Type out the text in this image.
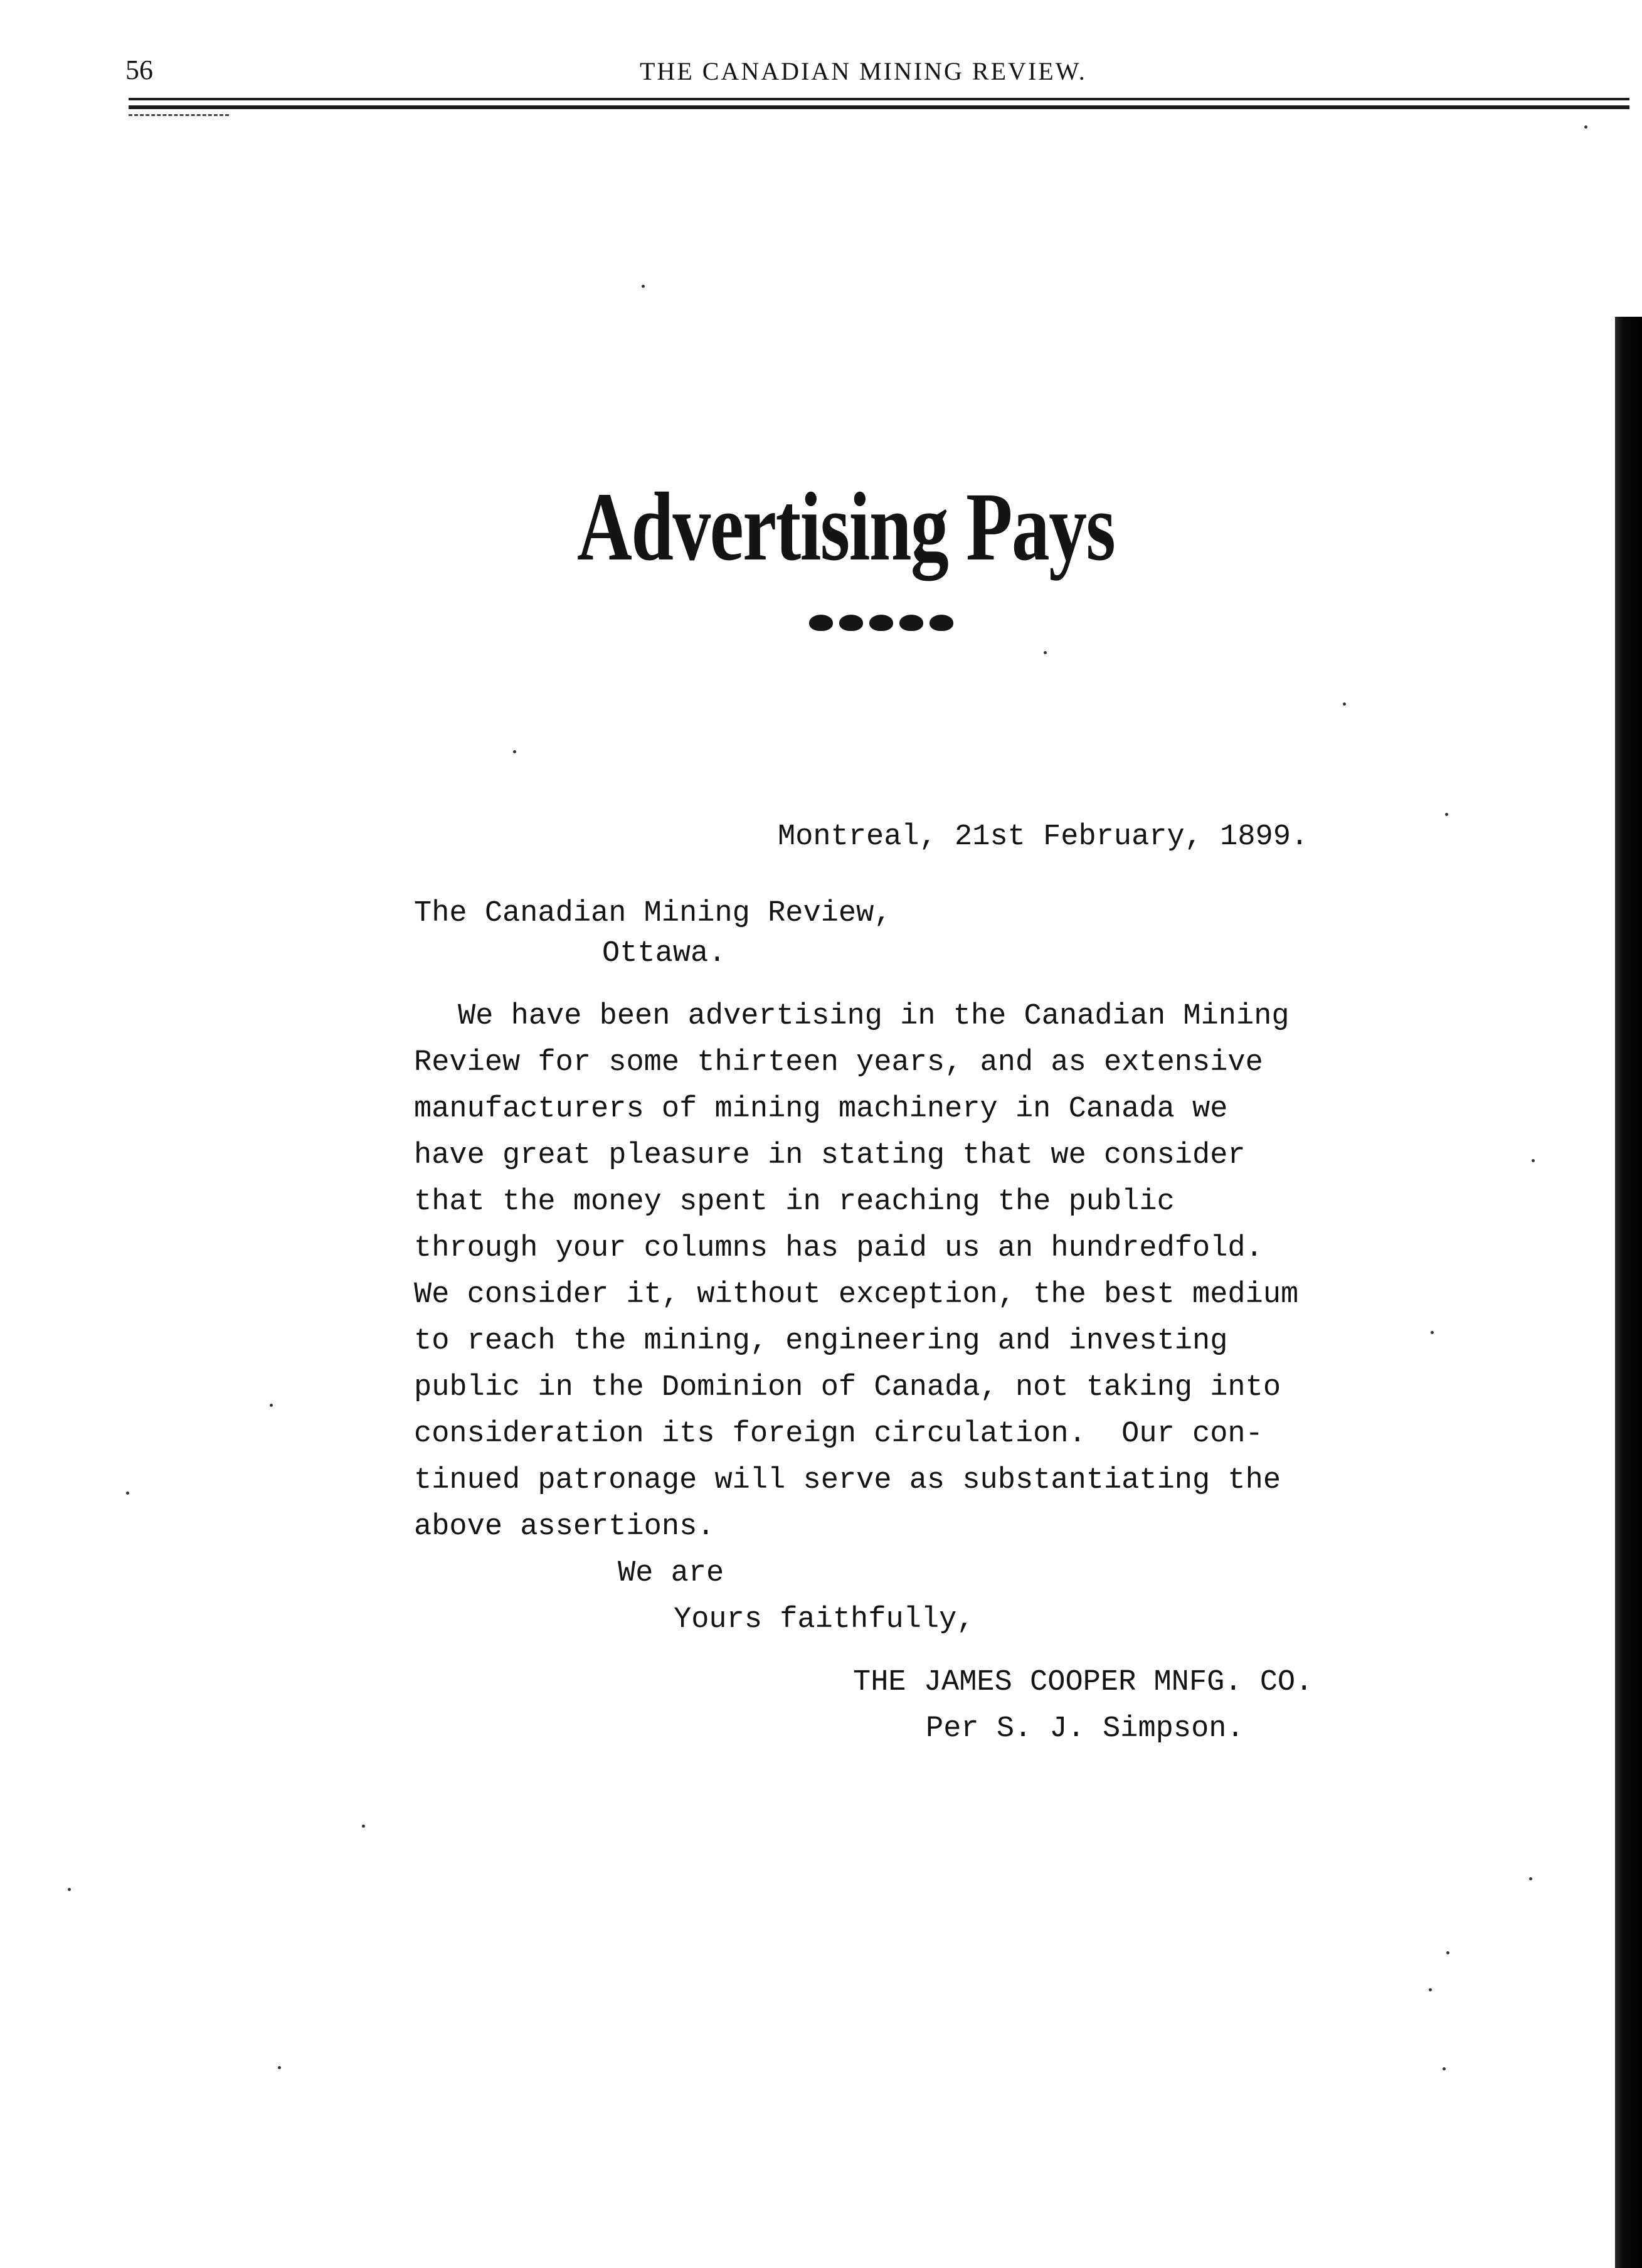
56	THE CANADIAN MINING REVIEW.
Advertising Pays

Montreal, 21st February, 1899.

The Canadian Mining Review,

Ottawa.

We have been advertising in the Canadian Mining

Review for some thirteen years, and as extensive

manufacturers of mining machinery in Canada we

have great pleasure in stating that we consider

that the money spent in reaching the public

through your columns has paid us an hundredfold.

We consider it, without exception, the best medium

to reach the mining, engineering and investing

public in the Dominion of Canada, not taking into

consideration its foreign circulation.  Our con-

tinued patronage will serve as substantiating the

above assertions.

We are

Yours faithfully,

THE JAMES COOPER MNFG. CO.

Per S. J. Simpson.
